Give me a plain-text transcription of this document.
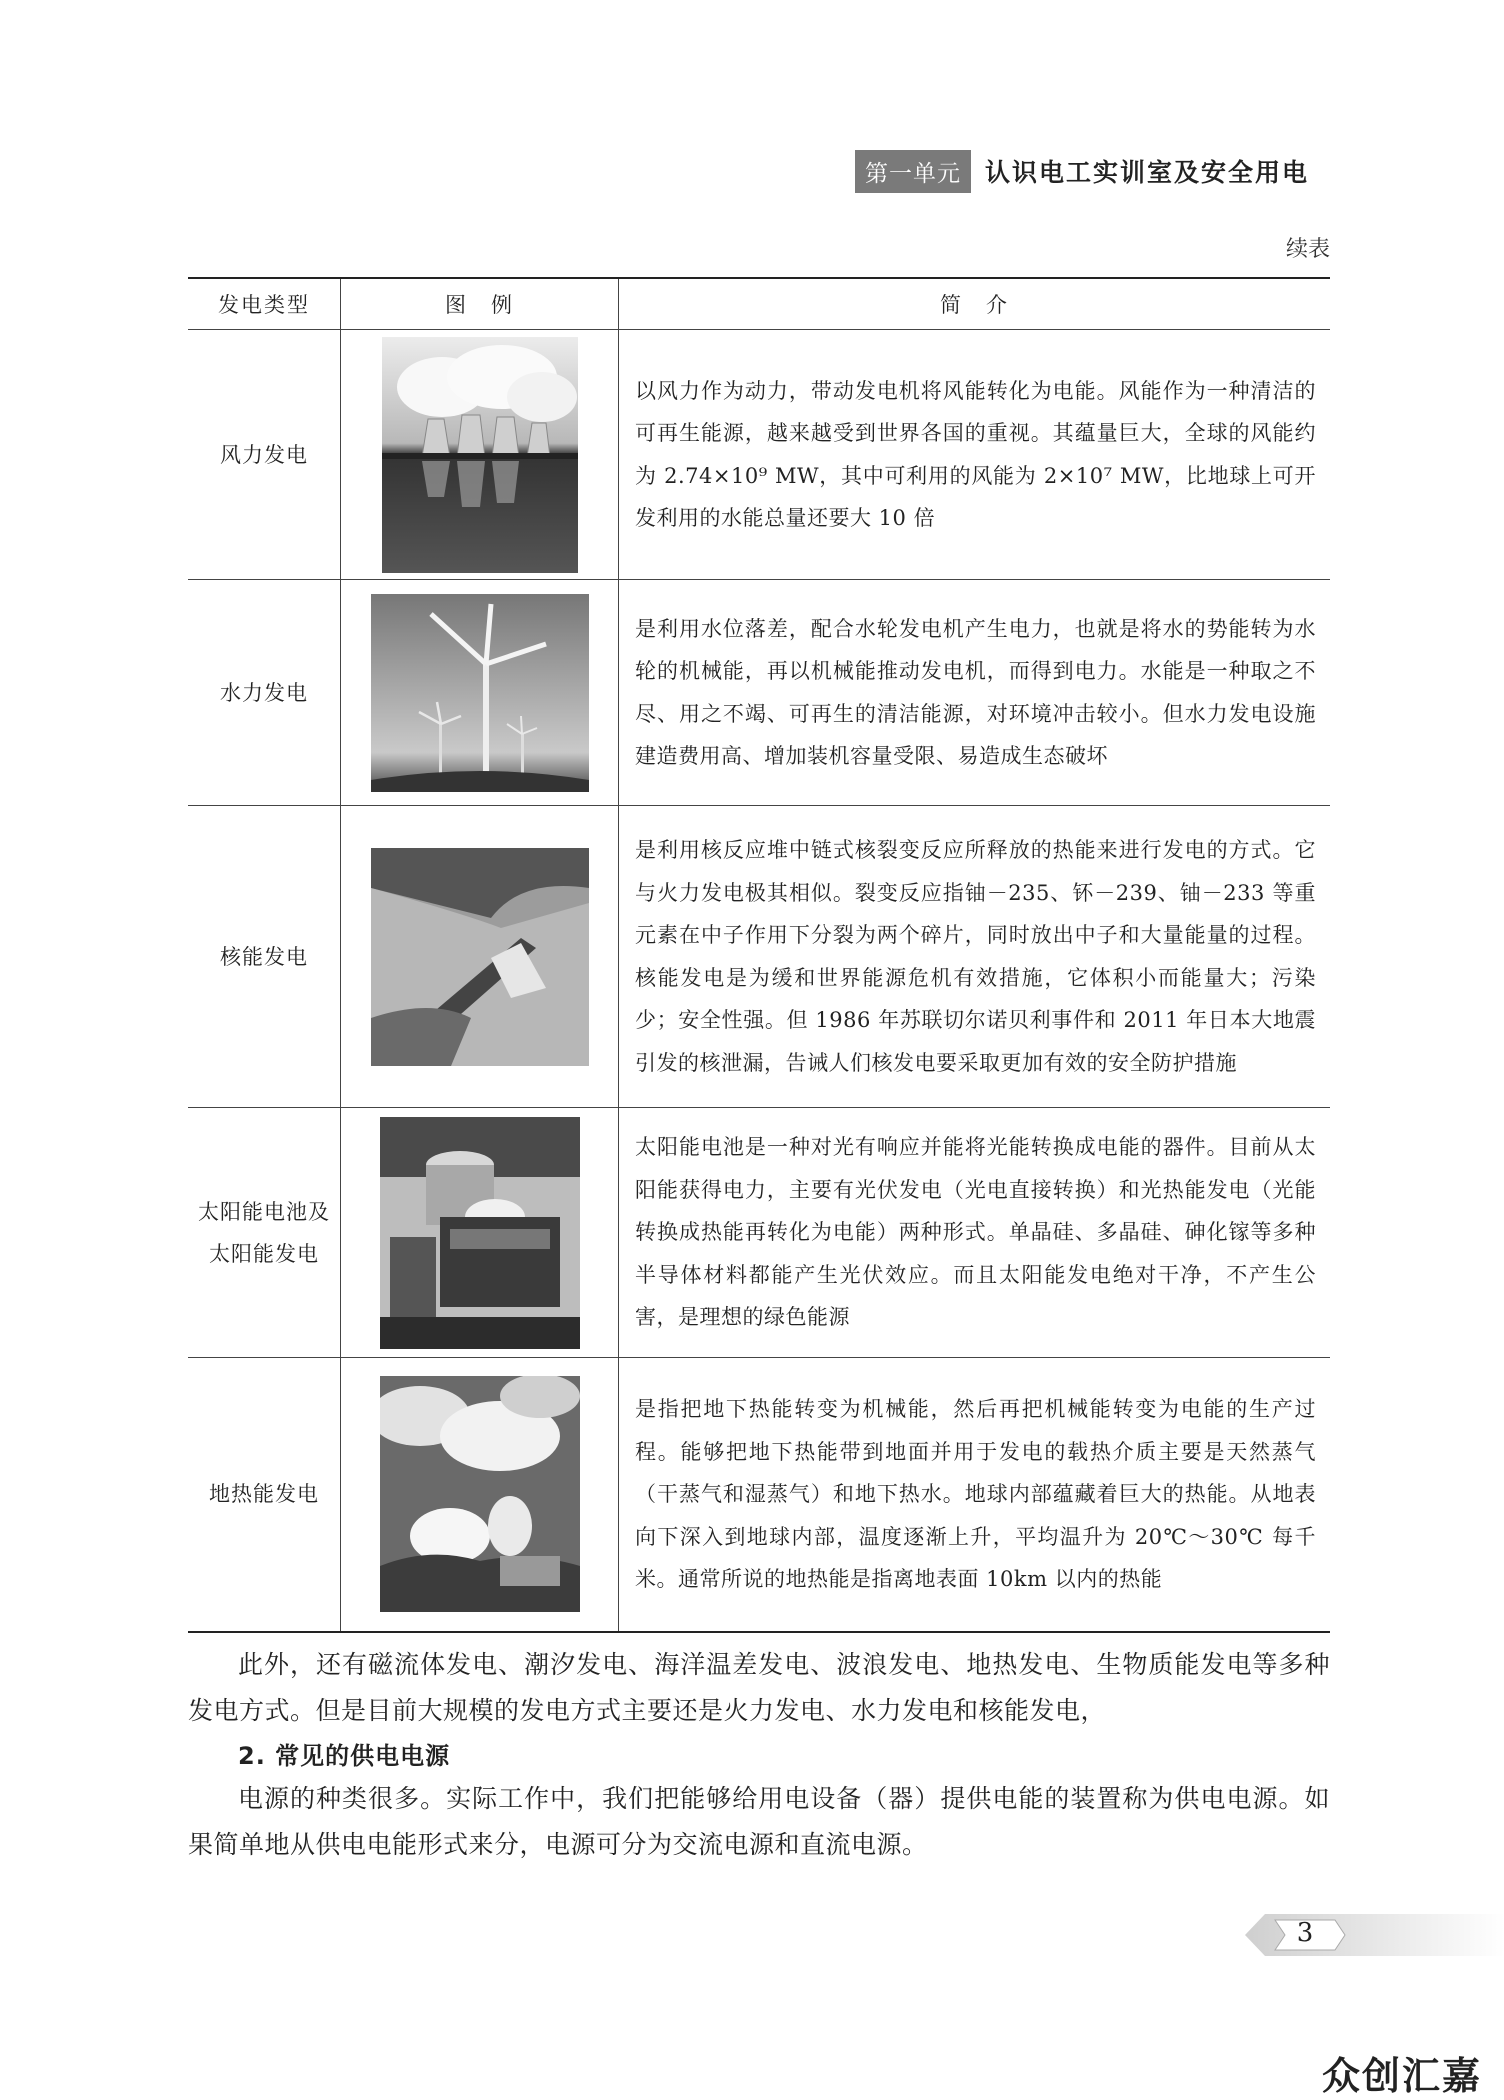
第一单元 认识电工实训室及安全用电
续表
发电类型	图　例	简　介
风力发电		以风力作为动力，带动发电机将风能转化为电能。风能作为一种清洁的可再生能源，越来越受到世界各国的重视。其蕴量巨大，全球的风能约为 2.74×10⁹ MW，其中可利用的风能为 2×10⁷ MW，比地球上可开发利用的水能总量还要大 10 倍
水力发电		是利用水位落差，配合水轮发电机产生电力，也就是将水的势能转为水轮的机械能，再以机械能推动发电机，而得到电力。水能是一种取之不尽、用之不竭、可再生的清洁能源，对环境冲击较小。但水力发电设施建造费用高、增加装机容量受限、易造成生态破坏
核能发电		是利用核反应堆中链式核裂变反应所释放的热能来进行发电的方式。它与火力发电极其相似。裂变反应指铀－235、钚－239、铀－233 等重元素在中子作用下分裂为两个碎片，同时放出中子和大量能量的过程。核能发电是为缓和世界能源危机有效措施，它体积小而能量大；污染少；安全性强。但 1986 年苏联切尔诺贝利事件和 2011 年日本大地震引发的核泄漏，告诫人们核发电要采取更加有效的安全防护措施
太阳能电池及太阳能发电		太阳能电池是一种对光有响应并能将光能转换成电能的器件。目前从太阳能获得电力，主要有光伏发电（光电直接转换）和光热能发电（光能转换成热能再转化为电能）两种形式。单晶硅、多晶硅、砷化镓等多种半导体材料都能产生光伏效应。而且太阳能发电绝对干净，不产生公害，是理想的绿色能源
地热能发电		是指把地下热能转变为机械能，然后再把机械能转变为电能的生产过程。能够把地下热能带到地面并用于发电的载热介质主要是天然蒸气（干蒸气和湿蒸气）和地下热水。地球内部蕴藏着巨大的热能。从地表向下深入到地球内部，温度逐渐上升，平均温升为 20℃～30℃ 每千米。通常所说的地热能是指离地表面 10km 以内的热能

此外，还有磁流体发电、潮汐发电、海洋温差发电、波浪发电、地热发电、生物质能发电等多种发电方式。但是目前大规模的发电方式主要还是火力发电、水力发电和核能发电，

2. 常见的供电电源

电源的种类很多。实际工作中，我们把能够给用电设备（器）提供电能的装置称为供电电源。如果简单地从供电电能形式来分，电源可分为交流电源和直流电源。

3
众创汇嘉
